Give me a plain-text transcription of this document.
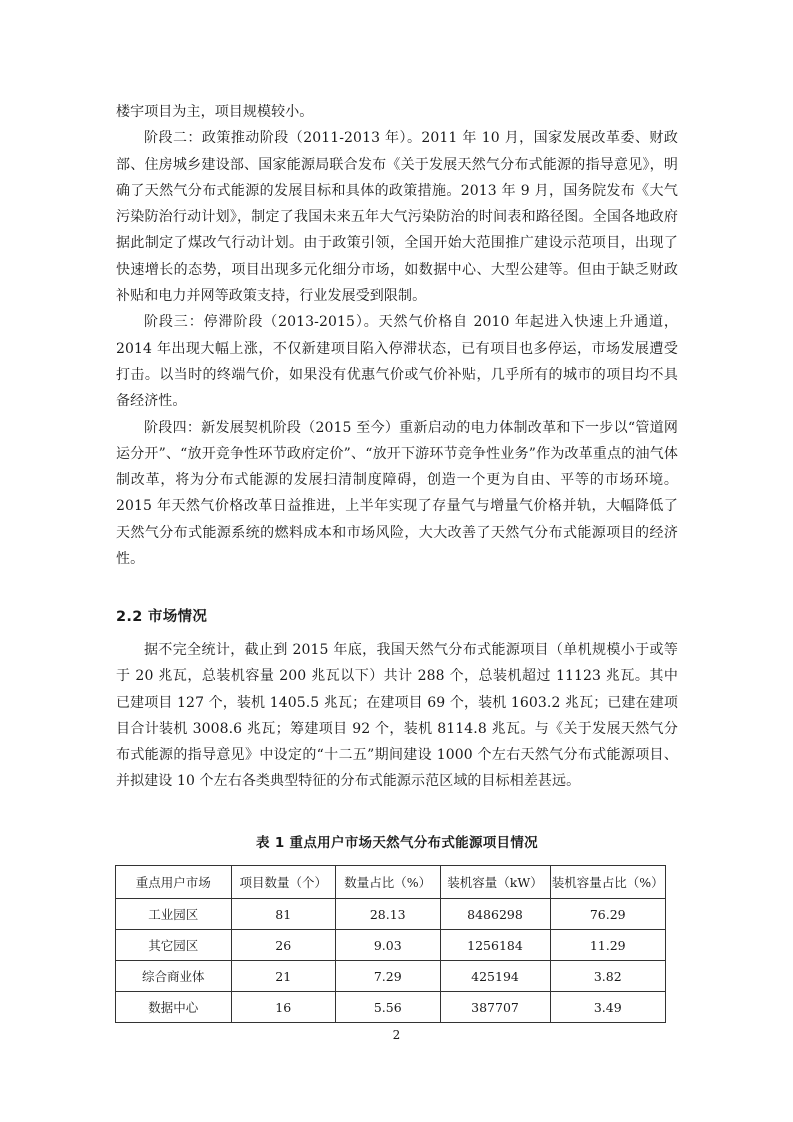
楼宇项目为主，项目规模较小。

阶段二：政策推动阶段（2011-2013 年）。2011 年 10 月，国家发展改革委、财政部、住房城乡建设部、国家能源局联合发布《关于发展天然气分布式能源的指导意见》，明确了天然气分布式能源的发展目标和具体的政策措施。2013 年 9 月，国务院发布《大气污染防治行动计划》，制定了我国未来五年大气污染防治的时间表和路径图。全国各地政府据此制定了煤改气行动计划。由于政策引领，全国开始大范围推广建设示范项目，出现了快速增长的态势，项目出现多元化细分市场，如数据中心、大型公建等。但由于缺乏财政补贴和电力并网等政策支持，行业发展受到限制。

阶段三：停滞阶段（2013-2015）。天然气价格自 2010 年起进入快速上升通道，2014 年出现大幅上涨，不仅新建项目陷入停滞状态，已有项目也多停运，市场发展遭受打击。以当时的终端气价，如果没有优惠气价或气价补贴，几乎所有的城市的项目均不具备经济性。

阶段四：新发展契机阶段（2015 至今）重新启动的电力体制改革和下一步以“管道网运分开”、“放开竞争性环节政府定价”、“放开下游环节竞争性业务”作为改革重点的油气体制改革，将为分布式能源的发展扫清制度障碍，创造一个更为自由、平等的市场环境。2015 年天然气价格改革日益推进，上半年实现了存量气与增量气价格并轨，大幅降低了天然气分布式能源系统的燃料成本和市场风险，大大改善了天然气分布式能源项目的经济性。

2.2 市场情况

据不完全统计，截止到 2015 年底，我国天然气分布式能源项目（单机规模小于或等于 20 兆瓦，总装机容量 200 兆瓦以下）共计 288 个，总装机超过 11123 兆瓦。其中已建项目 127 个，装机 1405.5 兆瓦；在建项目 69 个，装机 1603.2 兆瓦；已建在建项目合计装机 3008.6 兆瓦；筹建项目 92 个，装机 8114.8 兆瓦。与《关于发展天然气分布式能源的指导意见》中设定的“十二五”期间建设 1000 个左右天然气分布式能源项目、并拟建设 10 个左右各类典型特征的分布式能源示范区域的目标相差甚远。

表 1 重点用户市场天然气分布式能源项目情况
重点用户市场	项目数量（个）	数量占比（%）	装机容量（kW）	装机容量占比（%）
工业园区	81	28.13	8486298	76.29
其它园区	26	9.03	1256184	11.29
综合商业体	21	7.29	425194	3.82
数据中心	16	5.56	387707	3.49
2
